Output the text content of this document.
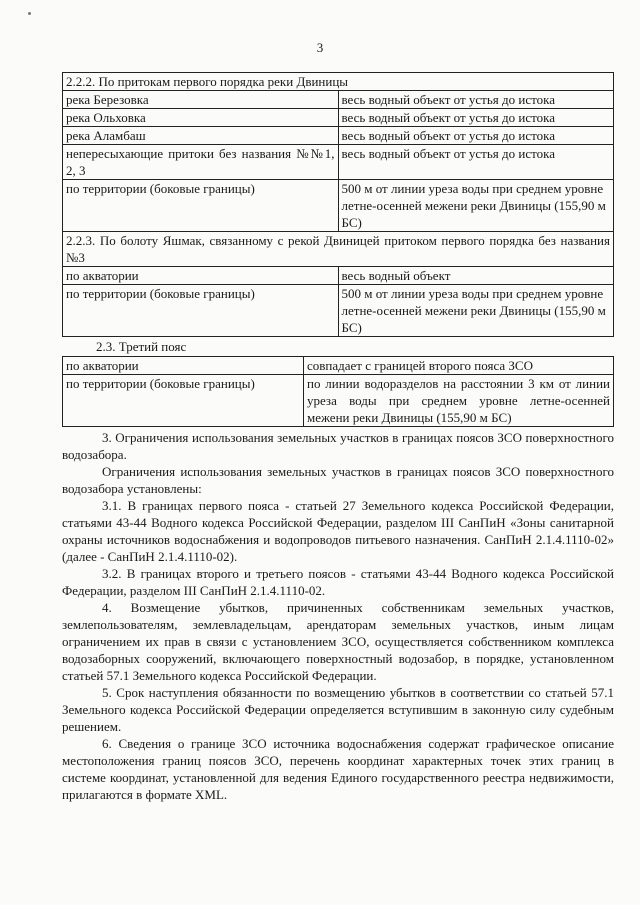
3
2.2.2. По притокам первого порядка реки Двиницы	
река Березовка	весь водный объект от устья до истока
река Ольховка	весь водный объект от устья до истока
река Аламбаш	весь водный объект от устья до истока
непересыхающие притоки без названия №№1, 2, 3	весь водный объект от устья до истока
по территории (боковые границы)	500 м от линии уреза воды при среднем уровне летне-осенней межени реки Двиницы (155,90 м БС)
2.2.3. По болоту Яшмак, связанному с рекой Двиницей притоком первого порядка без названия №3	
по акватории	весь водный объект
по территории (боковые границы)	500 м от линии уреза воды при среднем уровне летне-осенней межени реки Двиницы (155,90 м БС)
2.3. Третий пояс
по акватории	совпадает с границей второго пояса ЗСО
по территории (боковые границы)	по линии водоразделов на расстоянии 3 км от линии уреза воды при среднем уровне летне-осенней межени реки Двиницы (155,90 м БС)

3. Ограничения использования земельных участков в границах поясов ЗСО поверхностного водозабора.

Ограничения использования земельных участков в границах поясов ЗСО поверхностного водозабора установлены:

3.1. В границах первого пояса - статьей 27 Земельного кодекса Российской Федерации, статьями 43-44 Водного кодекса Российской Федерации, разделом III СанПиН «Зоны санитарной охраны источников водоснабжения и водопроводов питьевого назначения. СанПиН 2.1.4.1110-02» (далее - СанПиН 2.1.4.1110-02).

3.2. В границах второго и третьего поясов - статьями 43-44 Водного кодекса Российской Федерации, разделом III СанПиН 2.1.4.1110-02.

4. Возмещение убытков, причиненных собственникам земельных участков, землепользователям, землевладельцам, арендаторам земельных участков, иным лицам ограничением их прав в связи с установлением ЗСО, осуществляется собственником комплекса водозаборных сооружений, включающего поверхностный водозабор, в порядке, установленном статьей 57.1 Земельного кодекса Российской Федерации.

5. Срок наступления обязанности по возмещению убытков в соответствии со статьей 57.1 Земельного кодекса Российской Федерации определяется вступившим в законную силу судебным решением.

6. Сведения о границе ЗСО источника водоснабжения содержат графическое описание местоположения границ поясов ЗСО, перечень координат характерных точек этих границ в системе координат, установленной для ведения Единого государственного реестра недвижимости, прилагаются в формате XML.
